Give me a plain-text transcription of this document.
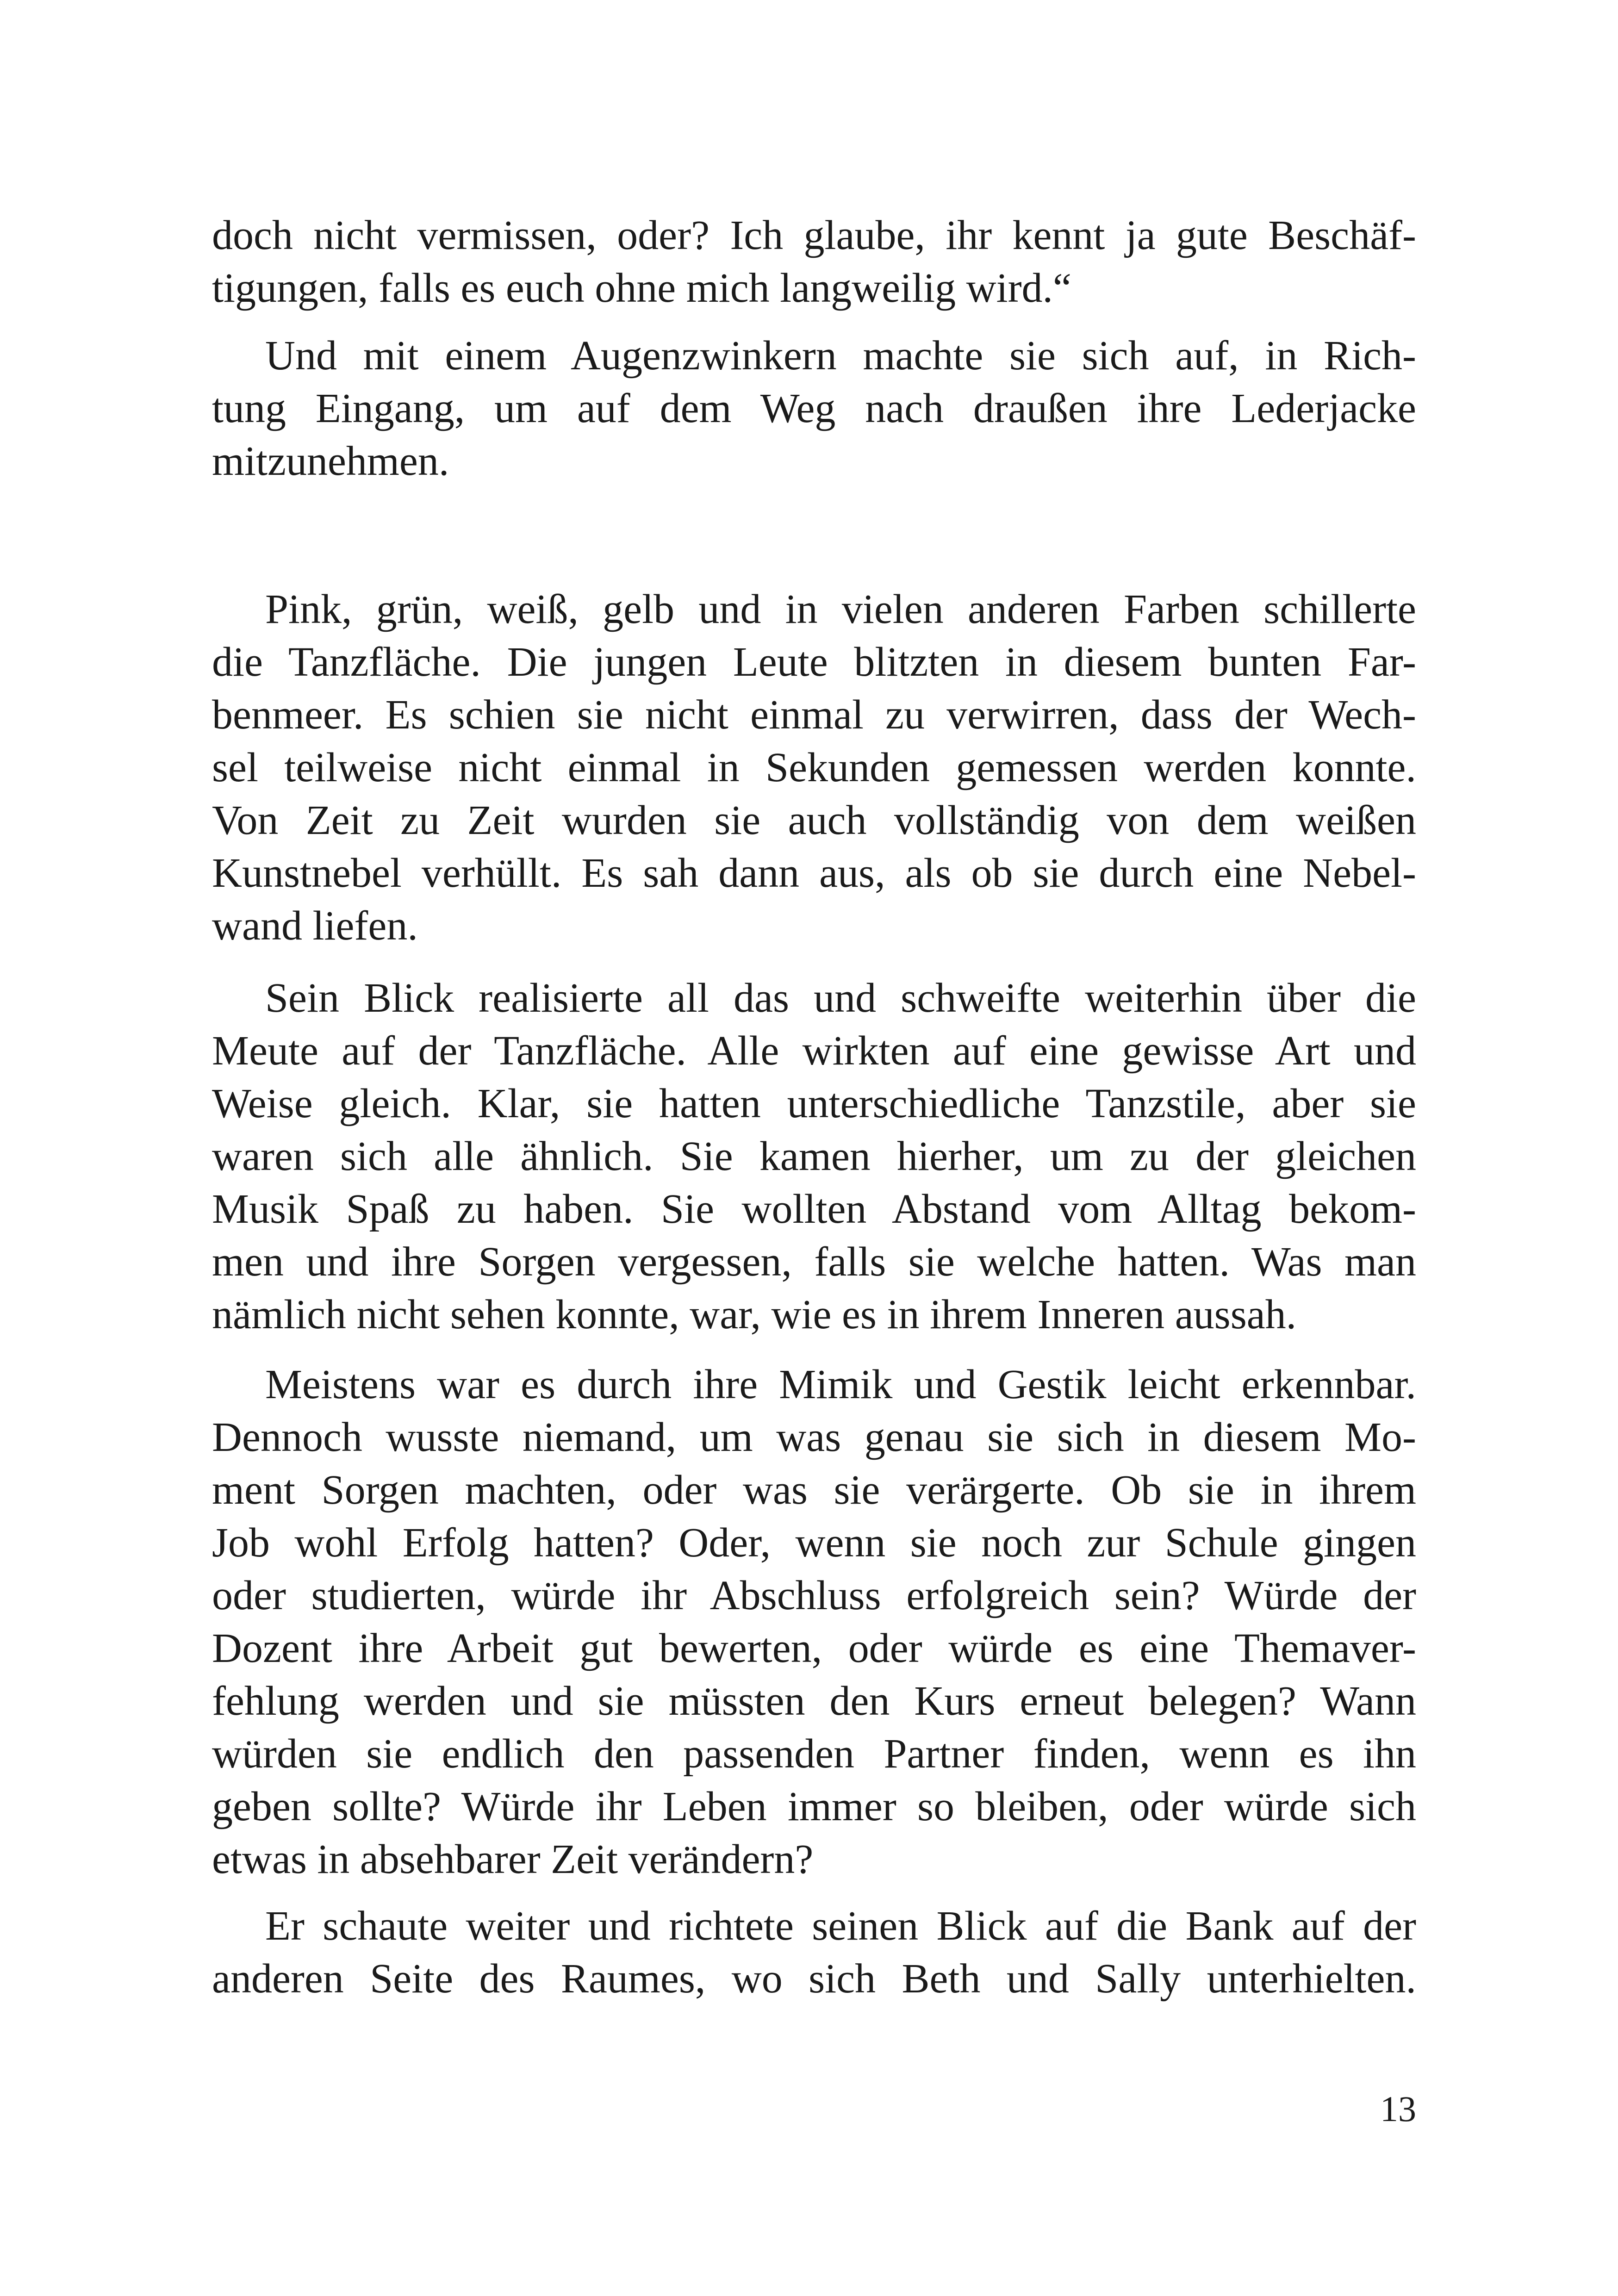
doch nicht vermissen, oder? Ich glaube, ihr kennt ja gute Beschäf-
tigungen, falls es euch ohne mich langweilig wird.“
Und mit einem Augenzwinkern machte sie sich auf, in Rich-
tung Eingang, um auf dem Weg nach draußen ihre Lederjacke
mitzunehmen.
Pink, grün, weiß, gelb und in vielen anderen Farben schillerte
die Tanzfläche. Die jungen Leute blitzten in diesem bunten Far-
benmeer. Es schien sie nicht einmal zu verwirren, dass der Wech-
sel teilweise nicht einmal in Sekunden gemessen werden konnte.
Von Zeit zu Zeit wurden sie auch vollständig von dem weißen
Kunstnebel verhüllt. Es sah dann aus, als ob sie durch eine Nebel-
wand liefen.
Sein Blick realisierte all das und schweifte weiterhin über die
Meute auf der Tanzfläche. Alle wirkten auf eine gewisse Art und
Weise gleich. Klar, sie hatten unterschiedliche Tanzstile, aber sie
waren sich alle ähnlich. Sie kamen hierher, um zu der gleichen
Musik Spaß zu haben. Sie wollten Abstand vom Alltag bekom-
men und ihre Sorgen vergessen, falls sie welche hatten. Was man
nämlich nicht sehen konnte, war, wie es in ihrem Inneren aussah.
Meistens war es durch ihre Mimik und Gestik leicht erkennbar.
Dennoch wusste niemand, um was genau sie sich in diesem Mo-
ment Sorgen machten, oder was sie verärgerte. Ob sie in ihrem
Job wohl Erfolg hatten? Oder, wenn sie noch zur Schule gingen
oder studierten, würde ihr Abschluss erfolgreich sein? Würde der
Dozent ihre Arbeit gut bewerten, oder würde es eine Themaver-
fehlung werden und sie müssten den Kurs erneut belegen? Wann
würden sie endlich den passenden Partner finden, wenn es ihn
geben sollte? Würde ihr Leben immer so bleiben, oder würde sich
etwas in absehbarer Zeit verändern?
Er schaute weiter und richtete seinen Blick auf die Bank auf der
anderen Seite des Raumes, wo sich Beth und Sally unterhielten.
13
